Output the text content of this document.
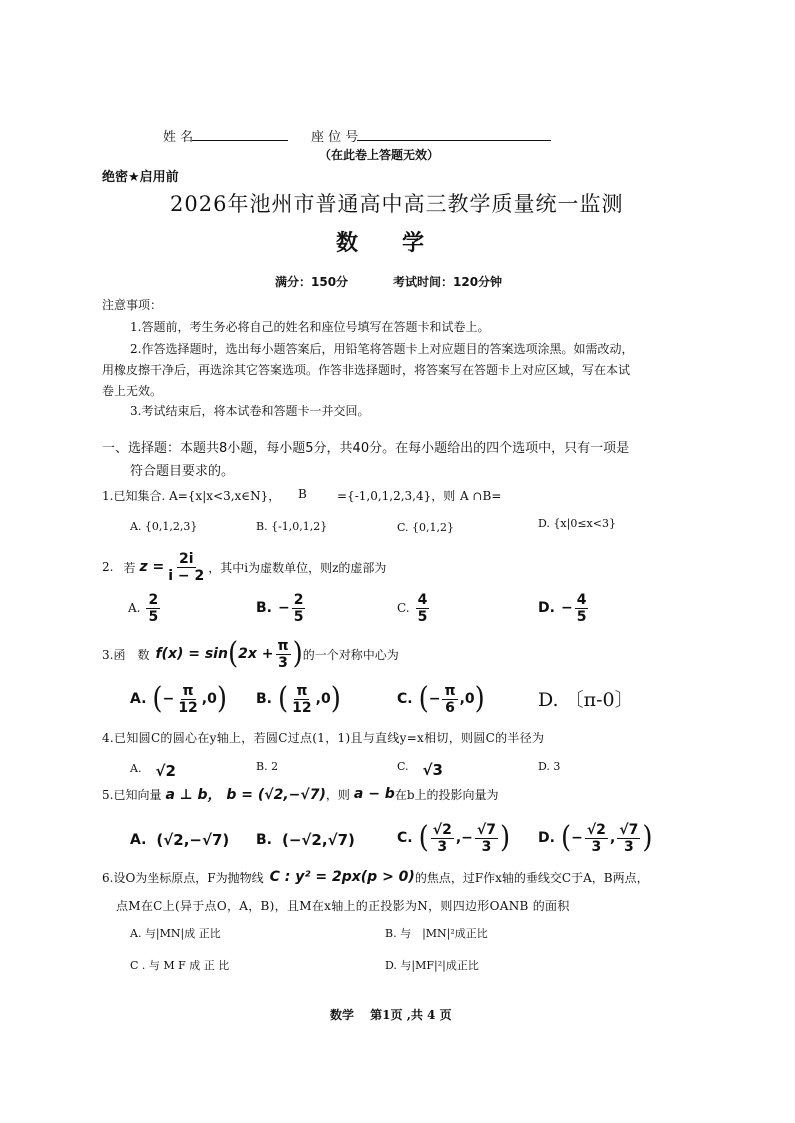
姓 名	座 位 号
（在此卷上答题无效）
绝密★启用前
2026年池州市普通高中高三教学质量统一监测
数　　学
满分：150分	考试时间：120分钟
注意事项：
1.答题前，考生务必将自己的姓名和座位号填写在答题卡和试卷上。
2.作答选择题时，选出每小题答案后，用铅笔将答题卡上对应题目的答案选项涂黑。如需改动，
用橡皮擦干净后，再选涂其它答案选项。作答非选择题时，将答案写在答题卡上对应区域，写在本试
卷上无效。
3.考试结束后，将本试卷和答题卡一并交回。
一、选择题：本题共8小题，每小题5分，共40分。在每小题给出的四个选项中，只有一项是
符合题目要求的。
1.已知集合. A={x|x<3,x∈N}， B	={-1,0,1,2,3,4}，则 A ∩B=
A. {0,1,2,3}	B. {-1,0,1,2}	C. {0,1,2}	D. {x|0≤x<3}
2. 若 $z = \frac{2i}{i - 2}$ ，其中i为虚数单位，则z的虚部为
A. $\frac{2}{5}$	B. − $\frac{2}{5}$	C. $\frac{4}{5}$	D. − $\frac{4}{5}$
3.函　数 f(x) = sin ( $2x + \frac{\pi}{3}$ ) 的一个对称中心为
A. ( − $\frac{\pi}{12} ,0$ ) B. ( $\frac{\pi}{12} ,0$ )	C. ( − $\frac{\pi}{6} ,0$ )	D. 〔π-0〕
4.已知圆C的圆心在y轴上，若圆C过点(1，1)且与直线y=x相切，则圆C的半径为
A. √2	B. 2	C. √3	D. 3
5.已知向量 a ⊥ b， b = (√2,−√7) ，则 a − b 在b上的投影向量为
A. (√2,−√7) B. (−√2,√7)	C. ( $\frac{√2}{3}$ ,− $\frac{√7}{3}$ ) D. ( − $\frac{√2}{3}$ , $\frac{√7}{3}$ )
6.设O为坐标原点，F为抛物线 C : y² = 2px(p > 0) 的焦点，过F作x轴的垂线交C于A，B两点，
点M在C上(异于点O，A，B)，且M在x轴上的正投影为N，则四边形OANB 的面积
A. 与|MN|成 正比	B. 与　|MN|²成正比
C . 与 M F 成 正 比	D. 与|MF|²|成正比
数学　 第1页 ,共 4 页
